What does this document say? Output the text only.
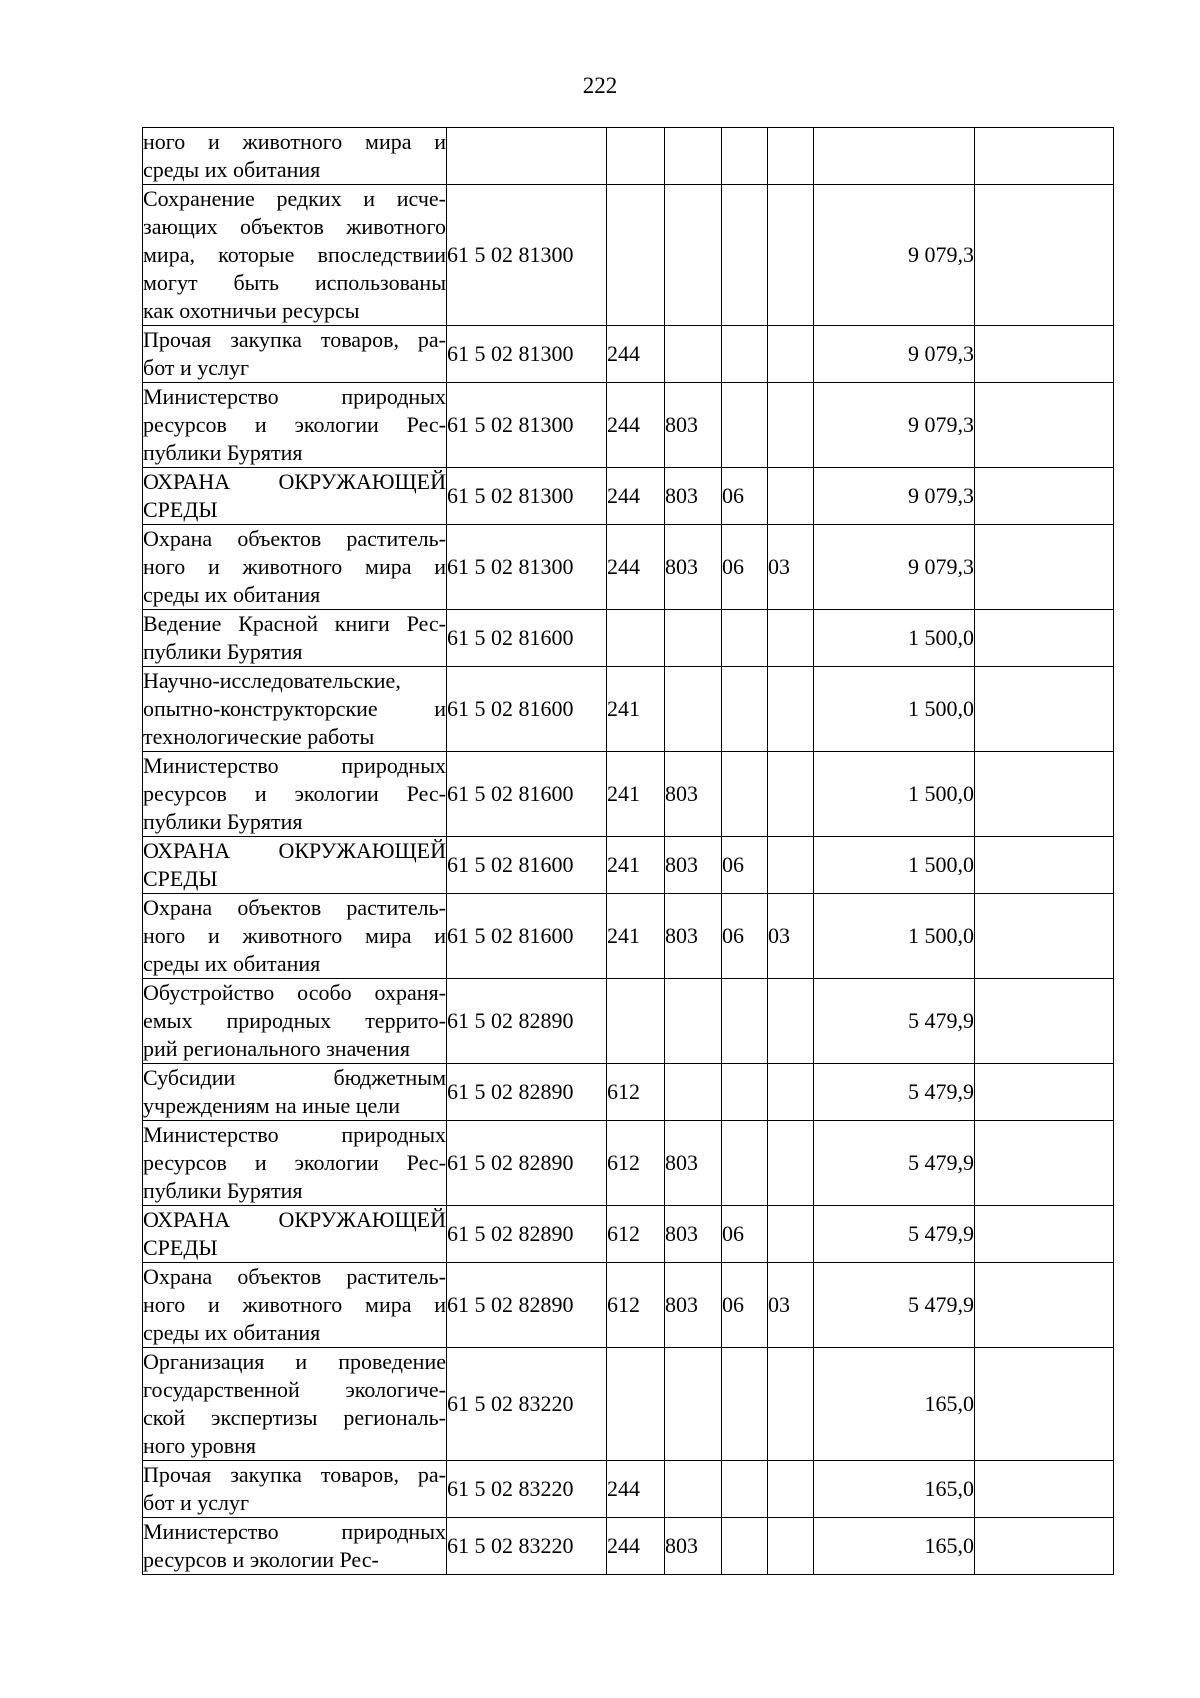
222
ного и животного мира и
среды их обитания							

Сохранение редких и исче-
зающих объектов животного
мира, которые впоследствии
могут быть использованы
как охотничьи ресурсы	61 5 02 81300					9 079,3	

Прочая закупка товаров, ра-
бот и услуг	61 5 02 81300	244				9 079,3	

Министерство природных
ресурсов и экологии Рес-
публики Бурятия	61 5 02 81300	244	803			9 079,3	

ОХРАНА ОКРУЖАЮЩЕЙ
СРЕДЫ	61 5 02 81300	244	803	06		9 079,3	

Охрана объектов раститель-
ного и животного мира и
среды их обитания	61 5 02 81300	244	803	06	03	9 079,3	

Ведение Красной книги Рес-
публики Бурятия	61 5 02 81600					1 500,0	

Научно-исследовательские,
опытно-конструкторские и
технологические работы	61 5 02 81600	241				1 500,0	

Министерство природных
ресурсов и экологии Рес-
публики Бурятия	61 5 02 81600	241	803			1 500,0	

ОХРАНА ОКРУЖАЮЩЕЙ
СРЕДЫ	61 5 02 81600	241	803	06		1 500,0	

Охрана объектов раститель-
ного и животного мира и
среды их обитания	61 5 02 81600	241	803	06	03	1 500,0	

Обустройство особо охраня-
емых природных террито-
рий регионального значения	61 5 02 82890					5 479,9	

Субсидии бюджетным
учреждениям на иные цели	61 5 02 82890	612				5 479,9	

Министерство природных
ресурсов и экологии Рес-
публики Бурятия	61 5 02 82890	612	803			5 479,9	

ОХРАНА ОКРУЖАЮЩЕЙ
СРЕДЫ	61 5 02 82890	612	803	06		5 479,9	

Охрана объектов раститель-
ного и животного мира и
среды их обитания	61 5 02 82890	612	803	06	03	5 479,9	

Организация и проведение
государственной экологиче-
ской экспертизы региональ-
ного уровня	61 5 02 83220					165,0	

Прочая закупка товаров, ра-
бот и услуг	61 5 02 83220	244				165,0	

Министерство природных
ресурсов и экологии Рес-	61 5 02 83220	244	803			165,0	
